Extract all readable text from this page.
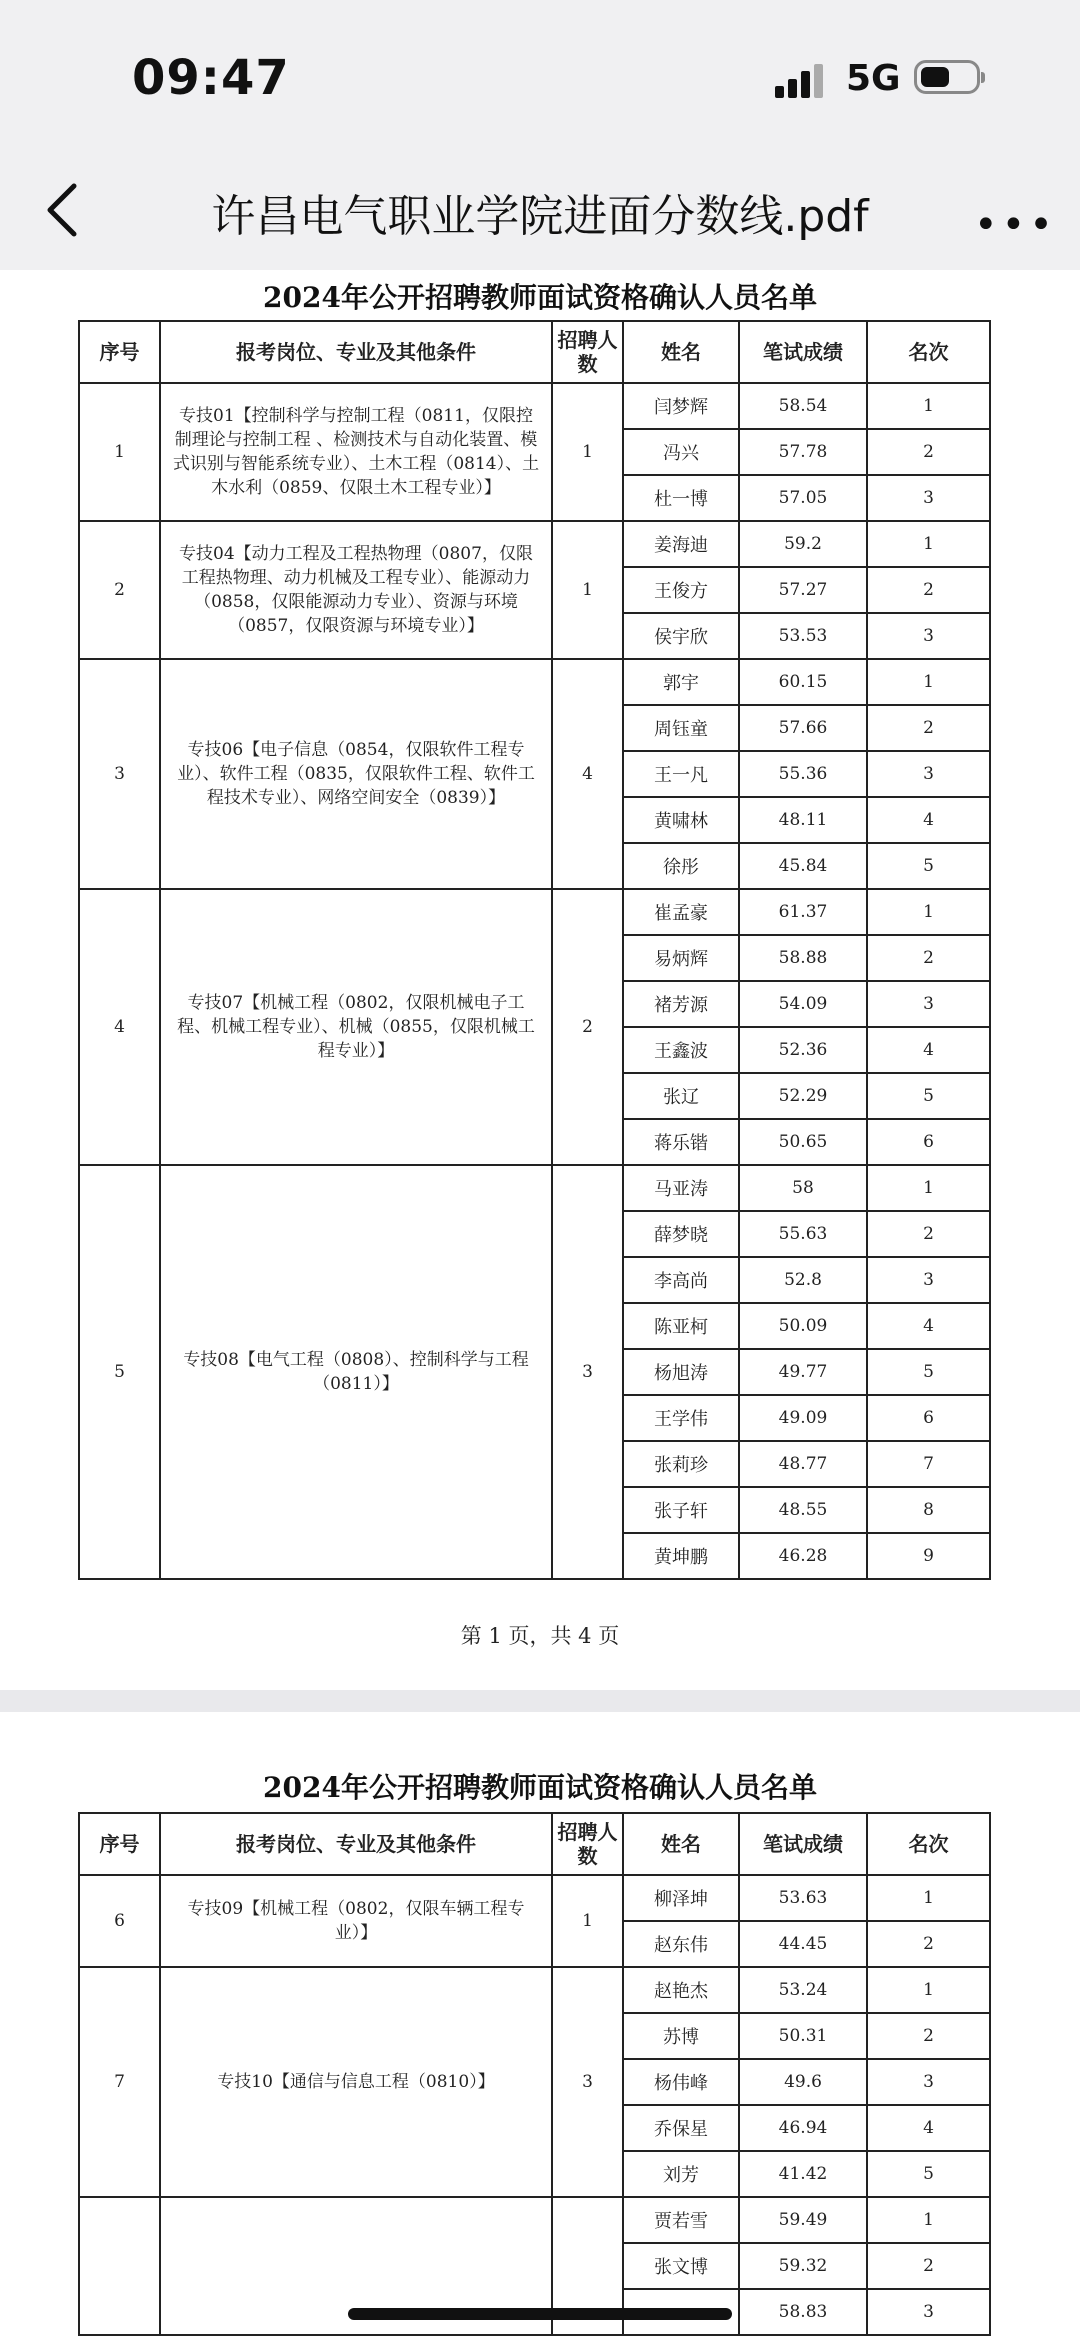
09:47	5G
许昌电气职业学院进面分数线.pdf	•••
2024年公开招聘教师面试资格确认人员名单
序号	报考岗位、专业及其他条件	招聘人数	姓名	笔试成绩	名次
1	专技01【控制科学与控制工程（0811，仅限控制理论与控制工程 、检测技术与自动化装置、模式识别与智能系统专业）、土木工程（0814）、土木水利（0859、仅限土木工程专业）】	1	闫梦辉	58.54	1
			冯兴	57.78	2
			杜一博	57.05	3
2	专技04【动力工程及工程热物理（0807，仅限工程热物理、动力机械及工程专业）、能源动力（0858，仅限能源动力专业）、资源与环境（0857，仅限资源与环境专业）】	1	姜海迪	59.2	1
			王俊方	57.27	2
			侯宇欣	53.53	3
3	专技06【电子信息（0854，仅限软件工程专业）、软件工程（0835，仅限软件工程、软件工程技术专业）、网络空间安全（0839）】	4	郭宇	60.15	1
			周钰童	57.66	2
			王一凡	55.36	3
			黄啸林	48.11	4
			徐彤	45.84	5
4	专技07【机械工程（0802，仅限机械电子工程、机械工程专业）、机械（0855，仅限机械工程专业）】	2	崔孟豪	61.37	1
			易炳辉	58.88	2
			褚芳源	54.09	3
			王鑫波	52.36	4
			张辽	52.29	5
			蒋乐锴	50.65	6
5	专技08【电气工程（0808）、控制科学与工程（0811）】	3	马亚涛	58	1
			薛梦晓	55.63	2
			李高尚	52.8	3
			陈亚柯	50.09	4
			杨旭涛	49.77	5
			王学伟	49.09	6
			张莉珍	48.77	7
			张子轩	48.55	8
			黄坤鹏	46.28	9
第 1 页，共 4 页
2024年公开招聘教师面试资格确认人员名单
序号	报考岗位、专业及其他条件	招聘人数	姓名	笔试成绩	名次
6	专技09【机械工程（0802，仅限车辆工程专业）】	1	柳泽坤	53.63	1
			赵东伟	44.45	2
7	专技10【通信与信息工程（0810）】	3	赵艳杰	53.24	1
			苏博	50.31	2
			杨伟峰	49.6	3
			乔保星	46.94	4
			刘芳	41.42	5
			贾若雪	59.49	1
			张文博	59.32	2
				58.83	3
